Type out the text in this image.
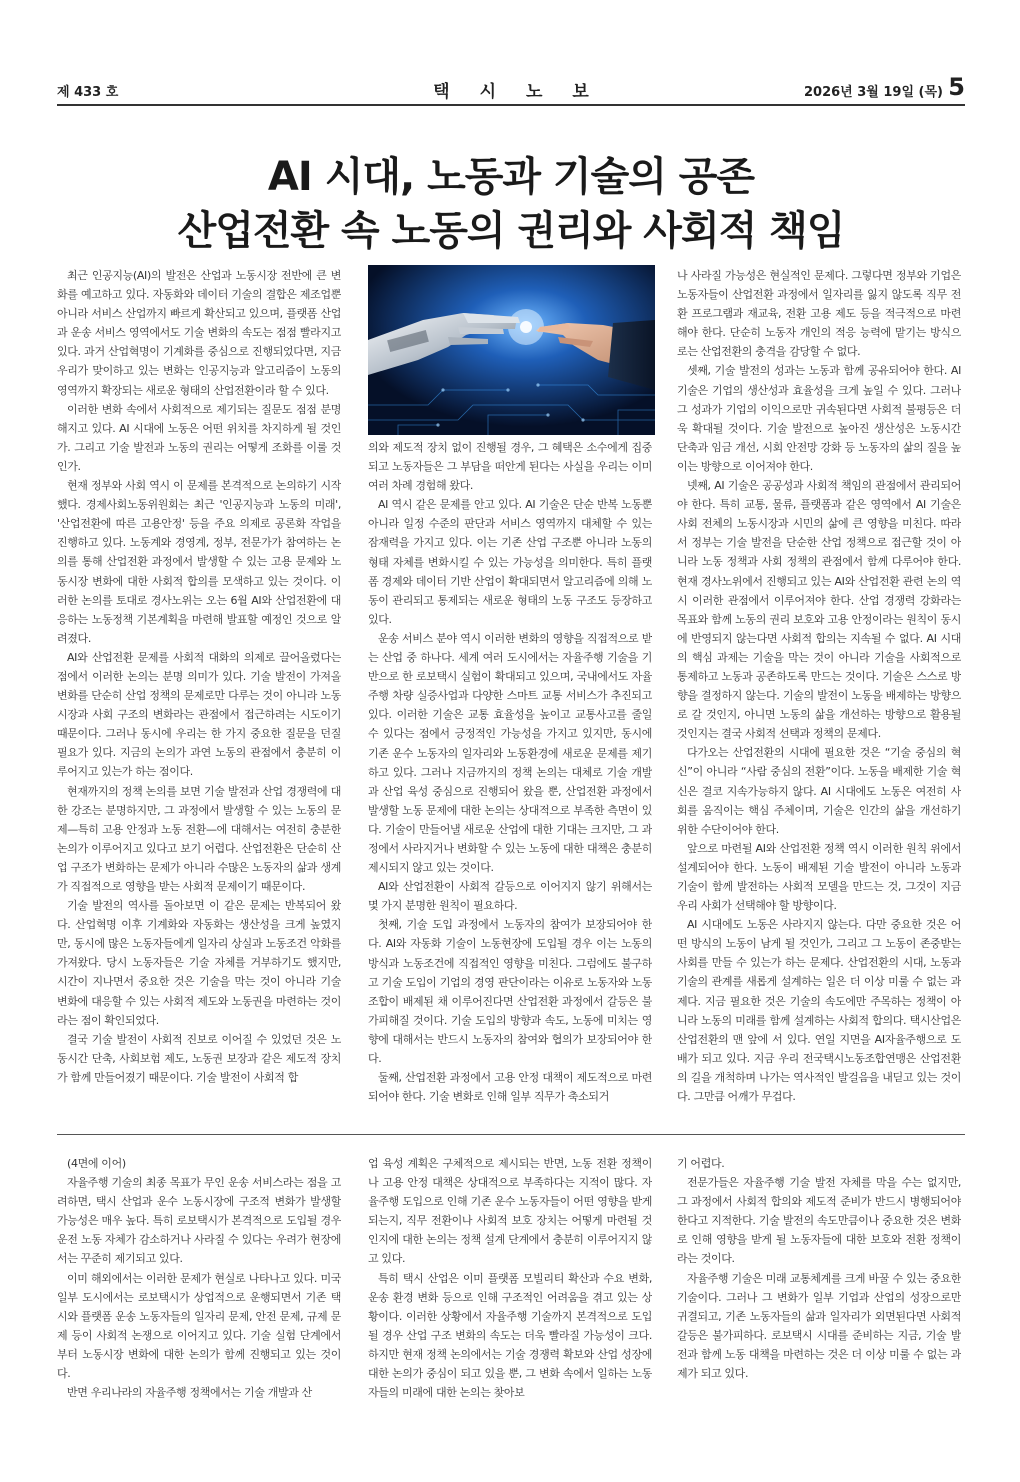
제 433 호	택시노보	2026년 3월 19일 (목) 5
AI 시대, 노동과 기술의 공존
산업전환 속 노동의 권리와 사회적 책임

최근 인공지능(AI)의 발전은 산업과 노동시장 전반에 큰 변화를 예고하고 있다. 자동화와 데이터 기술의 결합은 제조업뿐 아니라 서비스 산업까지 빠르게 확산되고 있으며, 플랫폼 산업과 운송 서비스 영역에서도 기술 변화의 속도는 점점 빨라지고 있다. 과거 산업혁명이 기계화를 중심으로 진행되었다면, 지금 우리가 맞이하고 있는 변화는 인공지능과 알고리즘이 노동의 영역까지 확장되는 새로운 형태의 산업전환이라 할 수 있다.

이러한 변화 속에서 사회적으로 제기되는 질문도 점점 분명해지고 있다. AI 시대에 노동은 어떤 위치를 차지하게 될 것인가. 그리고 기술 발전과 노동의 권리는 어떻게 조화를 이룰 것인가.

현재 정부와 사회 역시 이 문제를 본격적으로 논의하기 시작했다. 경제사회노동위원회는 최근 '인공지능과 노동의 미래', '산업전환에 따른 고용안정' 등을 주요 의제로 공론화 작업을 진행하고 있다. 노동계와 경영계, 정부, 전문가가 참여하는 논의를 통해 산업전환 과정에서 발생할 수 있는 고용 문제와 노동시장 변화에 대한 사회적 합의를 모색하고 있는 것이다. 이러한 논의를 토대로 경사노위는 오는 6월 AI와 산업전환에 대응하는 노동정책 기본계획을 마련해 발표할 예정인 것으로 알려졌다.

AI와 산업전환 문제를 사회적 대화의 의제로 끌어올렸다는 점에서 이러한 논의는 분명 의미가 있다. 기술 발전이 가져올 변화를 단순히 산업 정책의 문제로만 다루는 것이 아니라 노동시장과 사회 구조의 변화라는 관점에서 접근하려는 시도이기 때문이다. 그러나 동시에 우리는 한 가지 중요한 질문을 던질 필요가 있다. 지금의 논의가 과연 노동의 관점에서 충분히 이루어지고 있는가 하는 점이다.

현재까지의 정책 논의를 보면 기술 발전과 산업 경쟁력에 대한 강조는 분명하지만, 그 과정에서 발생할 수 있는 노동의 문제—특히 고용 안정과 노동 전환—에 대해서는 여전히 충분한 논의가 이루어지고 있다고 보기 어렵다. 산업전환은 단순히 산업 구조가 변화하는 문제가 아니라 수많은 노동자의 삶과 생계가 직접적으로 영향을 받는 사회적 문제이기 때문이다.

기술 발전의 역사를 돌아보면 이 같은 문제는 반복되어 왔다. 산업혁명 이후 기계화와 자동화는 생산성을 크게 높였지만, 동시에 많은 노동자들에게 일자리 상실과 노동조건 악화를 가져왔다. 당시 노동자들은 기술 자체를 거부하기도 했지만, 시간이 지나면서 중요한 것은 기술을 막는 것이 아니라 기술 변화에 대응할 수 있는 사회적 제도와 노동권을 마련하는 것이라는 점이 확인되었다.

결국 기술 발전이 사회적 진보로 이어질 수 있었던 것은 노동시간 단축, 사회보험 제도, 노동권 보장과 같은 제도적 장치가 함께 만들어졌기 때문이다. 기술 발전이 사회적 합

의와 제도적 장치 없이 진행될 경우, 그 혜택은 소수에게 집중되고 노동자들은 그 부담을 떠안게 된다는 사실을 우리는 이미 여러 차례 경험해 왔다.

AI 역시 같은 문제를 안고 있다. AI 기술은 단순 반복 노동뿐 아니라 일정 수준의 판단과 서비스 영역까지 대체할 수 있는 잠재력을 가지고 있다. 이는 기존 산업 구조뿐 아니라 노동의 형태 자체를 변화시킬 수 있는 가능성을 의미한다. 특히 플랫폼 경제와 데이터 기반 산업이 확대되면서 알고리즘에 의해 노동이 관리되고 통제되는 새로운 형태의 노동 구조도 등장하고 있다.

운송 서비스 분야 역시 이러한 변화의 영향을 직접적으로 받는 산업 중 하나다. 세계 여러 도시에서는 자율주행 기술을 기반으로 한 로보택시 실험이 확대되고 있으며, 국내에서도 자율주행 차량 실증사업과 다양한 스마트 교통 서비스가 추진되고 있다. 이러한 기술은 교통 효율성을 높이고 교통사고를 줄일 수 있다는 점에서 긍정적인 가능성을 가지고 있지만, 동시에 기존 운수 노동자의 일자리와 노동환경에 새로운 문제를 제기하고 있다. 그러나 지금까지의 정책 논의는 대체로 기술 개발과 산업 육성 중심으로 진행되어 왔을 뿐, 산업전환 과정에서 발생할 노동 문제에 대한 논의는 상대적으로 부족한 측면이 있다. 기술이 만들어낼 새로운 산업에 대한 기대는 크지만, 그 과정에서 사라지거나 변화할 수 있는 노동에 대한 대책은 충분히 제시되지 않고 있는 것이다.

AI와 산업전환이 사회적 갈등으로 이어지지 않기 위해서는 몇 가지 분명한 원칙이 필요하다.

첫째, 기술 도입 과정에서 노동자의 참여가 보장되어야 한다. AI와 자동화 기술이 노동현장에 도입될 경우 이는 노동의 방식과 노동조건에 직접적인 영향을 미친다. 그럼에도 불구하고 기술 도입이 기업의 경영 판단이라는 이유로 노동자와 노동조합이 배제된 채 이루어진다면 산업전환 과정에서 갈등은 불가피해질 것이다. 기술 도입의 방향과 속도, 노동에 미치는 영향에 대해서는 반드시 노동자의 참여와 협의가 보장되어야 한다.

둘째, 산업전환 과정에서 고용 안정 대책이 제도적으로 마련되어야 한다. 기술 변화로 인해 일부 직무가 축소되거

나 사라질 가능성은 현실적인 문제다. 그렇다면 정부와 기업은 노동자들이 산업전환 과정에서 일자리를 잃지 않도록 직무 전환 프로그램과 재교육, 전환 고용 제도 등을 적극적으로 마련해야 한다. 단순히 노동자 개인의 적응 능력에 맡기는 방식으로는 산업전환의 충격을 감당할 수 없다.

셋째, 기술 발전의 성과는 노동과 함께 공유되어야 한다. AI 기술은 기업의 생산성과 효율성을 크게 높일 수 있다. 그러나 그 성과가 기업의 이익으로만 귀속된다면 사회적 불평등은 더욱 확대될 것이다. 기술 발전으로 높아진 생산성은 노동시간 단축과 임금 개선, 시회 안전망 강화 등 노동자의 삶의 질을 높이는 방향으로 이어져야 한다.

넷째, AI 기술은 공공성과 사회적 책임의 관점에서 관리되어야 한다. 특히 교통, 물류, 플랫폼과 같은 영역에서 AI 기술은 사회 전체의 노동시장과 시민의 삶에 큰 영향을 미친다. 따라서 정부는 기술 발전을 단순한 산업 정책으로 접근할 것이 아니라 노동 정책과 사회 정책의 관점에서 함께 다루어야 한다. 현재 경사노위에서 진행되고 있는 AI와 산업전환 관련 논의 역시 이러한 관점에서 이루어져야 한다. 산업 경쟁력 강화라는 목표와 함께 노동의 권리 보호와 고용 안정이라는 원칙이 동시에 반영되지 않는다면 사회적 합의는 지속될 수 없다. AI 시대의 핵심 과제는 기술을 막는 것이 아니라 기술을 사회적으로 통제하고 노동과 공존하도록 만드는 것이다. 기술은 스스로 방향을 결정하지 않는다. 기술의 발전이 노동을 배제하는 방향으로 갈 것인지, 아니면 노동의 삶을 개선하는 방향으로 활용될 것인지는 결국 사회적 선택과 정책의 문제다.

다가오는 산업전환의 시대에 필요한 것은 “기술 중심의 혁신”이 아니라 “사람 중심의 전환”이다. 노동을 배제한 기술 혁신은 결코 지속가능하지 않다. AI 시대에도 노동은 여전히 사회를 움직이는 핵심 주체이며, 기술은 인간의 삶을 개선하기 위한 수단이어야 한다.

앞으로 마련될 AI와 산업전환 정책 역시 이러한 원칙 위에서 설계되어야 한다. 노동이 배제된 기술 발전이 아니라 노동과 기술이 함께 발전하는 사회적 모델을 만드는 것, 그것이 지금 우리 사회가 선택해야 할 방향이다.

AI 시대에도 노동은 사라지지 않는다. 다만 중요한 것은 어떤 방식의 노동이 남게 될 것인가, 그리고 그 노동이 존중받는 사회를 만들 수 있는가 하는 문제다. 산업전환의 시대, 노동과 기술의 관계를 새롭게 설계하는 일은 더 이상 미룰 수 없는 과제다. 지금 필요한 것은 기술의 속도에만 주목하는 정책이 아니라 노동의 미래를 함께 설계하는 사회적 합의다. 택시산업은 산업전환의 맨 앞에 서 있다. 연일 지면을 AI자율주행으로 도배가 되고 있다. 지금 우리 전국택시노동조합연맹은 산업전환의 길을 개척하며 나가는 역사적인 발걸음을 내딛고 있는 것이다. 그만큼 어깨가 무겁다.

(4면에 이어)

자율주행 기술의 최종 목표가 무인 운송 서비스라는 점을 고려하면, 택시 산업과 운수 노동시장에 구조적 변화가 발생할 가능성은 매우 높다. 특히 로보택시가 본격적으로 도입될 경우 운전 노동 자체가 감소하거나 사라질 수 있다는 우려가 현장에서는 꾸준히 제기되고 있다.

이미 해외에서는 이러한 문제가 현실로 나타나고 있다. 미국 일부 도시에서는 로보택시가 상업적으로 운행되면서 기존 택시와 플랫폼 운송 노동자들의 일자리 문제, 안전 문제, 규제 문제 등이 사회적 논쟁으로 이어지고 있다. 기술 실험 단계에서부터 노동시장 변화에 대한 논의가 함께 진행되고 있는 것이다.

반면 우리나라의 자율주행 정책에서는 기술 개발과 산

업 육성 계획은 구체적으로 제시되는 반면, 노동 전환 정책이나 고용 안정 대책은 상대적으로 부족하다는 지적이 많다. 자율주행 도입으로 인해 기존 운수 노동자들이 어떤 영향을 받게 되는지, 직무 전환이나 사회적 보호 장치는 어떻게 마련될 것인지에 대한 논의는 정책 설계 단계에서 충분히 이루어지지 않고 있다.

특히 택시 산업은 이미 플랫폼 모빌리티 확산과 수요 변화, 운송 환경 변화 등으로 인해 구조적인 어려움을 겪고 있는 상황이다. 이러한 상황에서 자율주행 기술까지 본격적으로 도입될 경우 산업 구조 변화의 속도는 더욱 빨라질 가능성이 크다. 하지만 현재 정책 논의에서는 기술 경쟁력 확보와 산업 성장에 대한 논의가 중심이 되고 있을 뿐, 그 변화 속에서 일하는 노동자들의 미래에 대한 논의는 찾아보

기 어렵다.

전문가들은 자율주행 기술 발전 자체를 막을 수는 없지만, 그 과정에서 사회적 합의와 제도적 준비가 반드시 병행되어야 한다고 지적한다. 기술 발전의 속도만큼이나 중요한 것은 변화로 인해 영향을 받게 될 노동자들에 대한 보호와 전환 정책이라는 것이다.

자율주행 기술은 미래 교통체계를 크게 바꿀 수 있는 중요한 기술이다. 그러나 그 변화가 일부 기업과 산업의 성장으로만 귀결되고, 기존 노동자들의 삶과 일자리가 외면된다면 사회적 갈등은 불가피하다. 로보택시 시대를 준비하는 지금, 기술 발전과 함께 노동 대책을 마련하는 것은 더 이상 미룰 수 없는 과제가 되고 있다.
